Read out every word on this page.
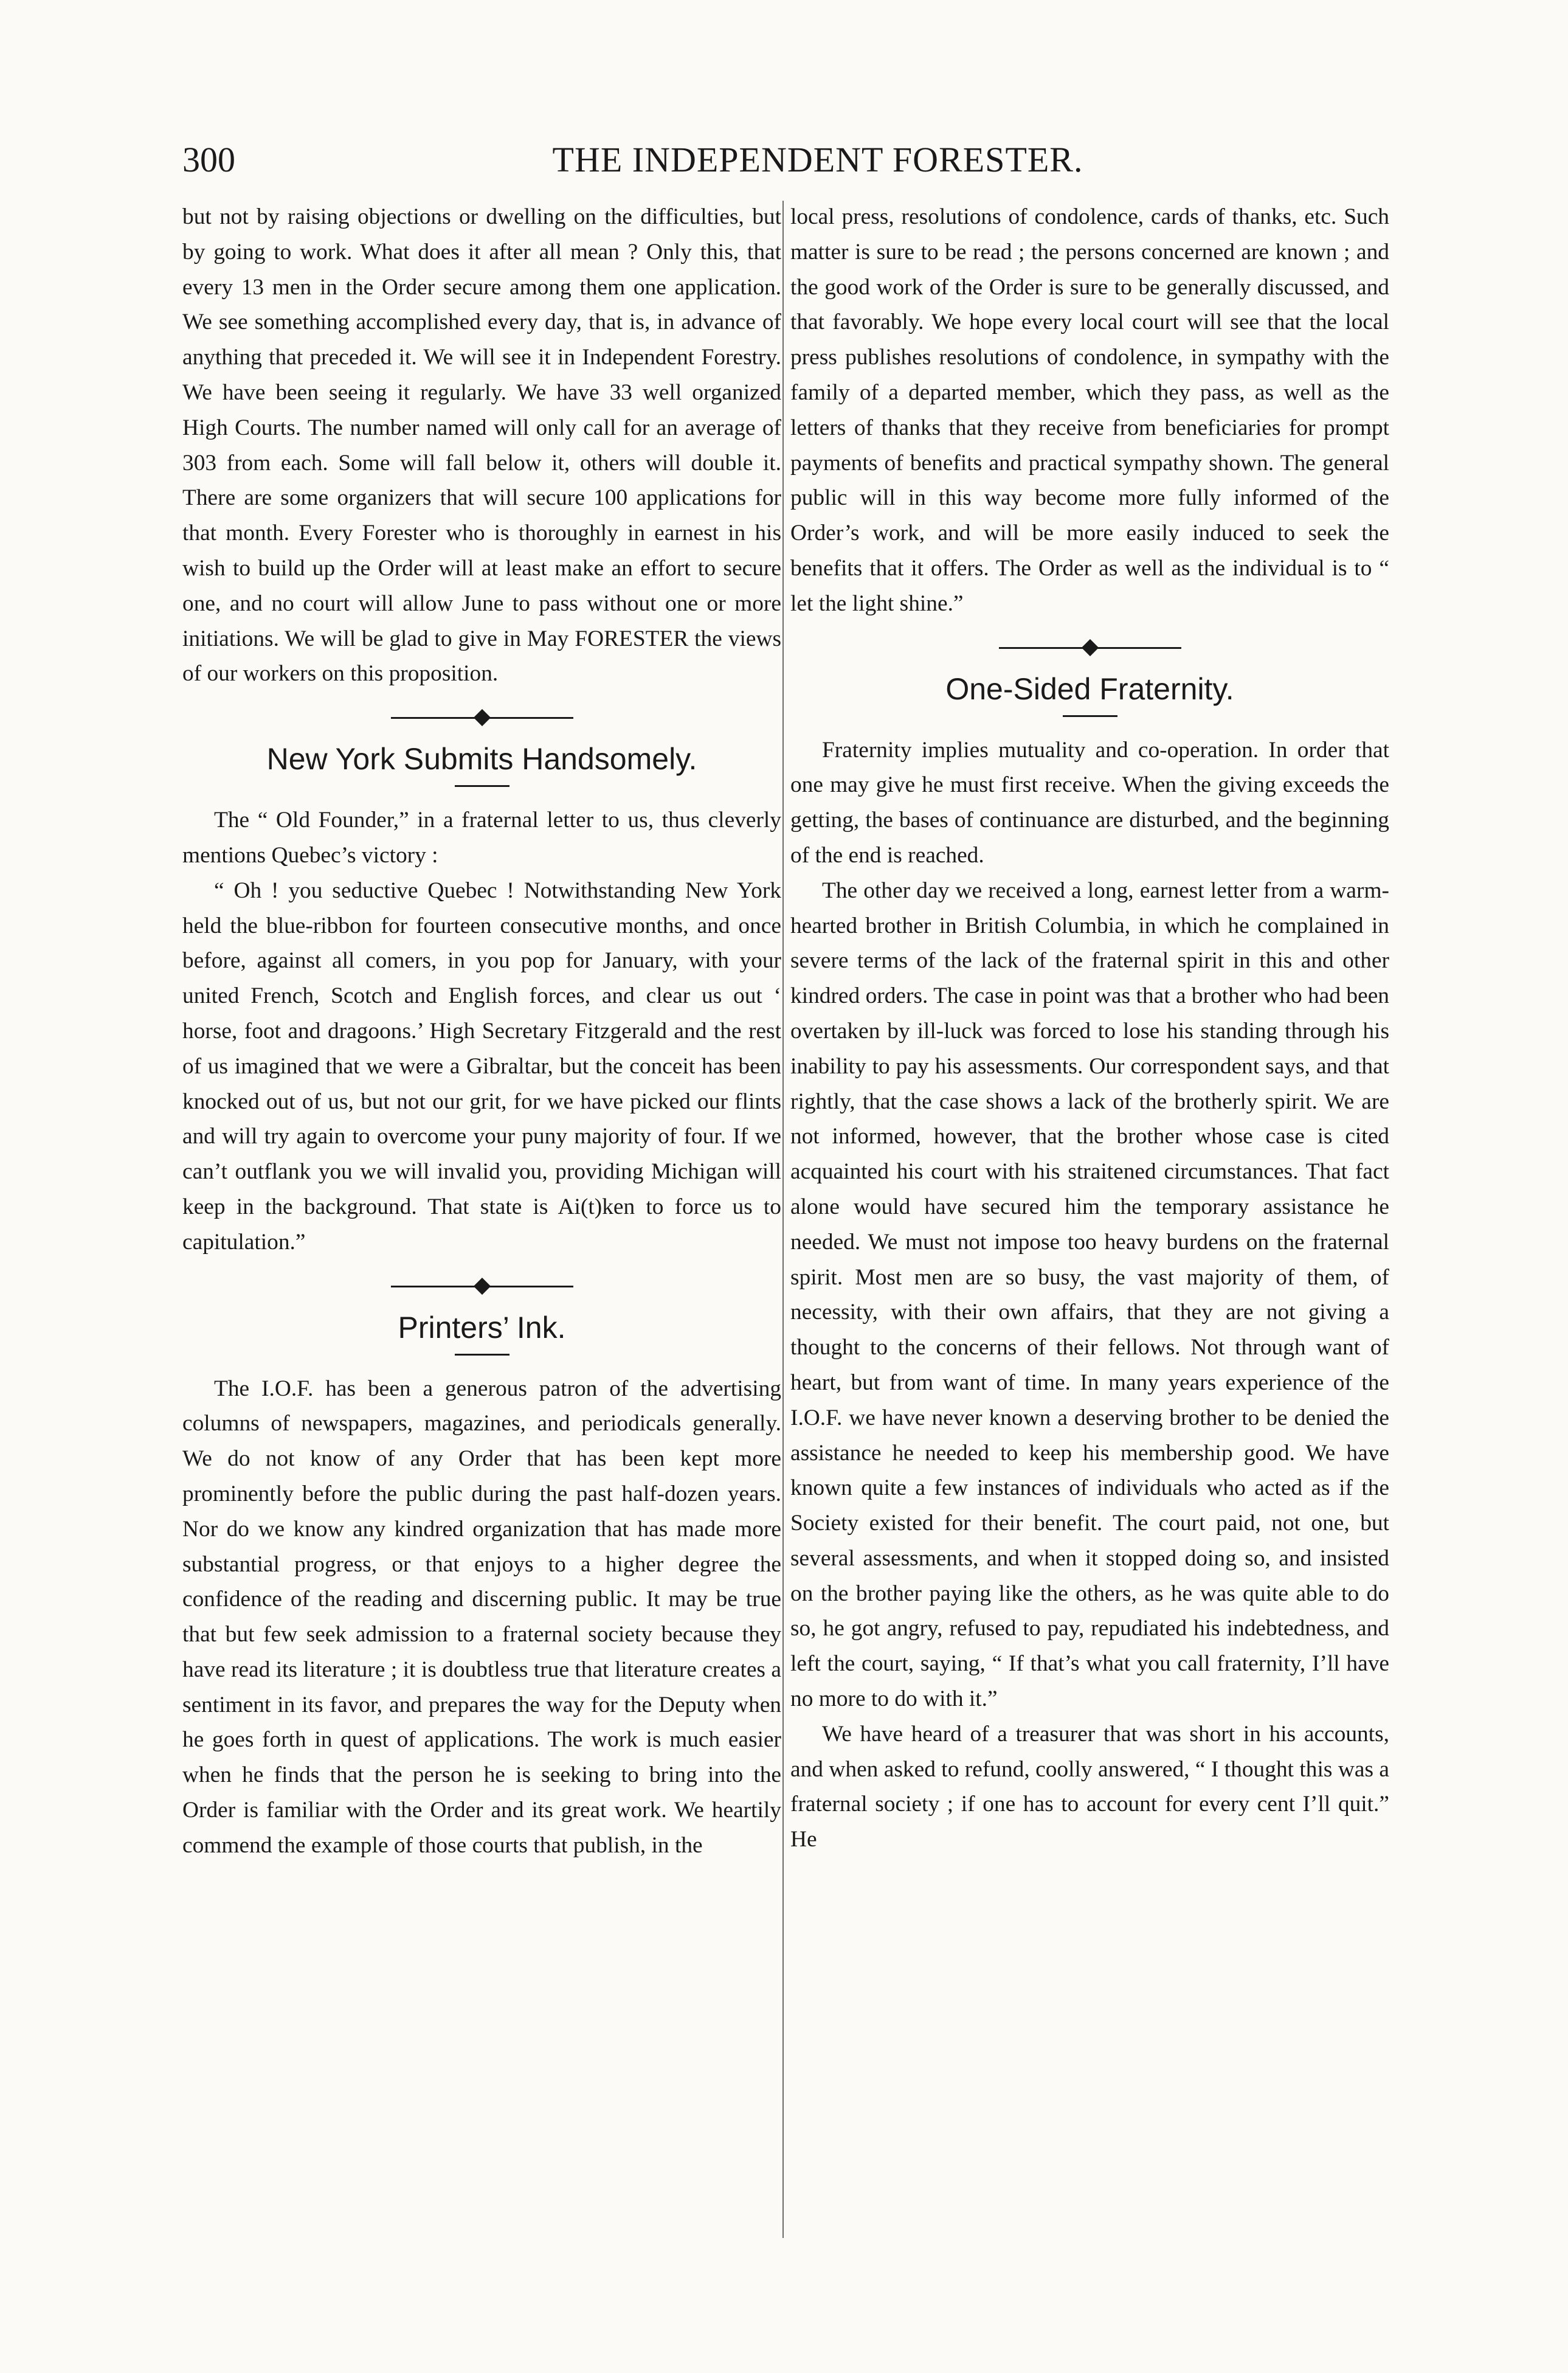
300	THE INDEPENDENT FORESTER.

but not by raising objections or dwelling on the difficulties, but by going to work. What does it after all mean ? Only this, that every 13 men in the Order secure among them one application. We see something accomplished every day, that is, in advance of anything that preceded it. We will see it in Independent Forestry. We have been seeing it regularly. We have 33 well organized High Courts. The number named will only call for an average of 303 from each. Some will fall below it, others will double it. There are some organizers that will secure 100 applications for that month. Every Forester who is thoroughly in earnest in his wish to build up the Order will at least make an effort to secure one, and no court will allow June to pass without one or more initiations. We will be glad to give in May FORESTER the views of our workers on this proposition.

New York Submits Handsomely.

The “ Old Founder,” in a fraternal letter to us, thus cleverly mentions Quebec’s victory :

“ Oh ! you seductive Quebec ! Notwithstanding New York held the blue-ribbon for fourteen consecutive months, and once before, against all comers, in you pop for January, with your united French, Scotch and English forces, and clear us out ‘ horse, foot and dragoons.’ High Secretary Fitzgerald and the rest of us imagined that we were a Gibraltar, but the conceit has been knocked out of us, but not our grit, for we have picked our flints and will try again to overcome your puny majority of four. If we can’t outflank you we will invalid you, providing Michigan will keep in the background. That state is Ai(t)ken to force us to capitulation.”

Printers’ Ink.

The I.O.F. has been a generous patron of the advertising columns of newspapers, magazines, and periodicals generally. We do not know of any Order that has been kept more prominently before the public during the past half-dozen years. Nor do we know any kindred organization that has made more substantial progress, or that enjoys to a higher degree the confidence of the reading and discerning public. It may be true that but few seek admission to a fraternal society because they have read its literature ; it is doubtless true that literature creates a sentiment in its favor, and prepares the way for the Deputy when he goes forth in quest of applications. The work is much easier when he finds that the person he is seeking to bring into the Order is familiar with the Order and its great work. We heartily commend the example of those courts that publish, in the

local press, resolutions of condolence, cards of thanks, etc. Such matter is sure to be read ; the persons concerned are known ; and the good work of the Order is sure to be generally discussed, and that favorably. We hope every local court will see that the local press publishes resolutions of condolence, in sympathy with the family of a departed member, which they pass, as well as the letters of thanks that they receive from beneficiaries for prompt payments of benefits and practical sympathy shown. The general public will in this way become more fully informed of the Order’s work, and will be more easily induced to seek the benefits that it offers. The Order as well as the individual is to “ let the light shine.”

One-Sided Fraternity.

Fraternity implies mutuality and co-operation. In order that one may give he must first receive. When the giving exceeds the getting, the bases of continuance are disturbed, and the beginning of the end is reached.

The other day we received a long, earnest letter from a warm-hearted brother in British Columbia, in which he complained in severe terms of the lack of the fraternal spirit in this and other kindred orders. The case in point was that a brother who had been overtaken by ill-luck was forced to lose his standing through his inability to pay his assessments. Our correspondent says, and that rightly, that the case shows a lack of the brotherly spirit. We are not informed, however, that the brother whose case is cited acquainted his court with his straitened circumstances. That fact alone would have secured him the temporary assistance he needed. We must not impose too heavy burdens on the fraternal spirit. Most men are so busy, the vast majority of them, of necessity, with their own affairs, that they are not giving a thought to the concerns of their fellows. Not through want of heart, but from want of time. In many years experience of the I.O.F. we have never known a deserving brother to be denied the assistance he needed to keep his membership good. We have known quite a few instances of individuals who acted as if the Society existed for their benefit. The court paid, not one, but several assessments, and when it stopped doing so, and insisted on the brother paying like the others, as he was quite able to do so, he got angry, refused to pay, repudiated his indebtedness, and left the court, saying, “ If that’s what you call fraternity, I’ll have no more to do with it.”

We have heard of a treasurer that was short in his accounts, and when asked to refund, coolly answered, “ I thought this was a fraternal society ; if one has to account for every cent I’ll quit.” He
